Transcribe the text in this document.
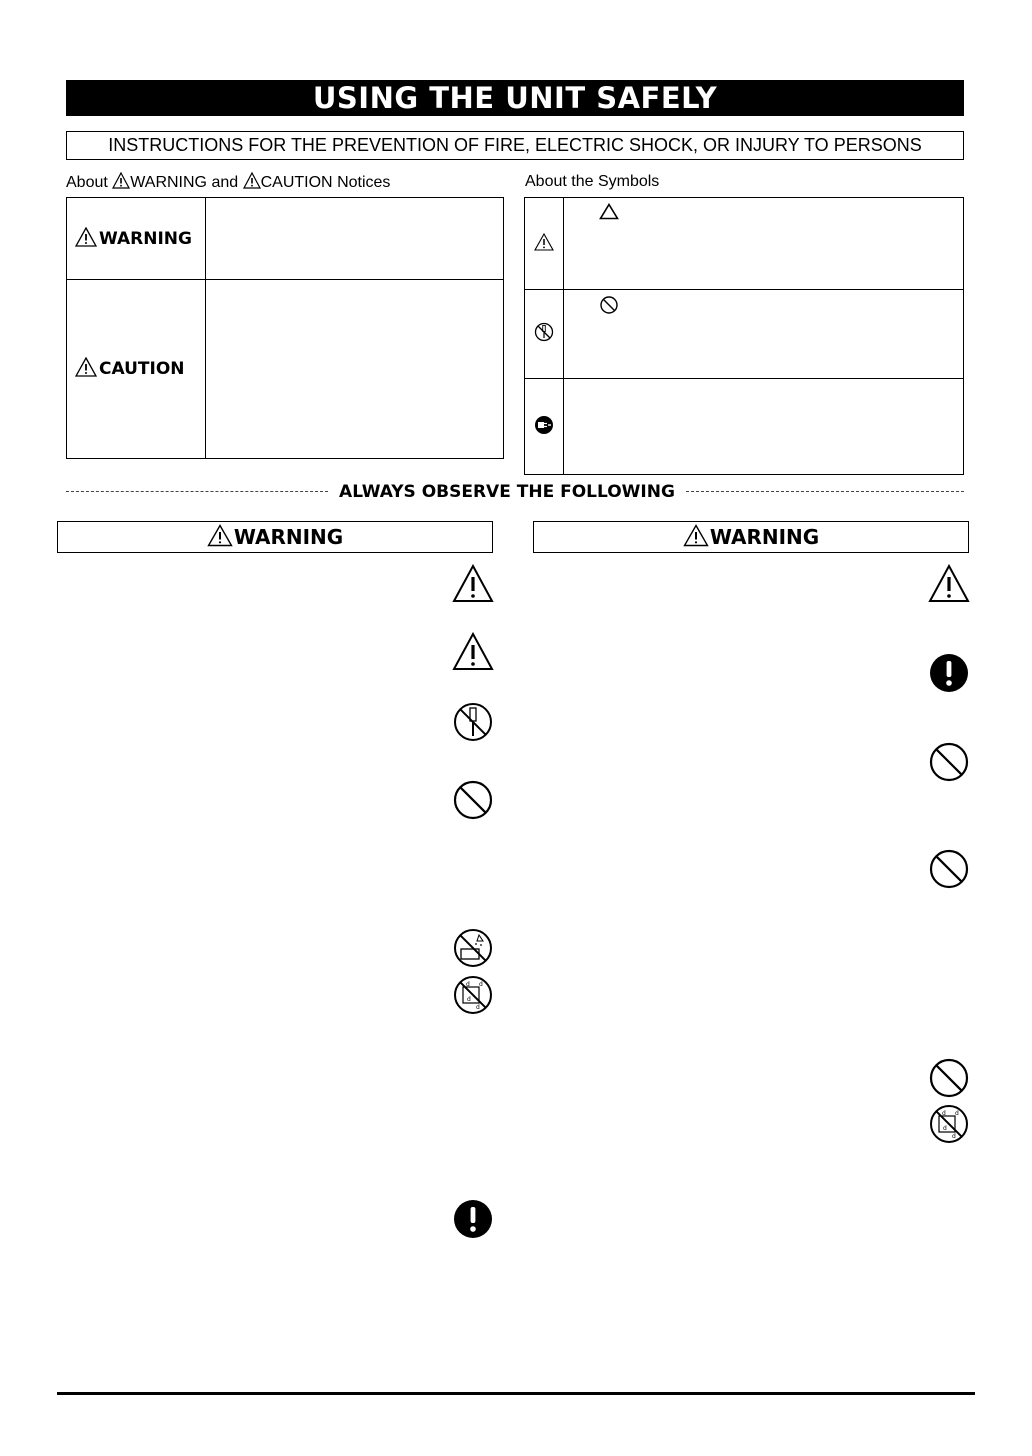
USING THE UNIT SAFELY
INSTRUCTIONS FOR THE PREVENTION OF FIRE, ELECTRIC SHOCK, OR INJURY TO PERSONS
About WARNING and CAUTION Notices	About the Symbols
WARNING
CAUTION
ALWAYS OBSERVE THE FOLLOWING
WARNING	WARNING
d d
d
d
d d
d
d
